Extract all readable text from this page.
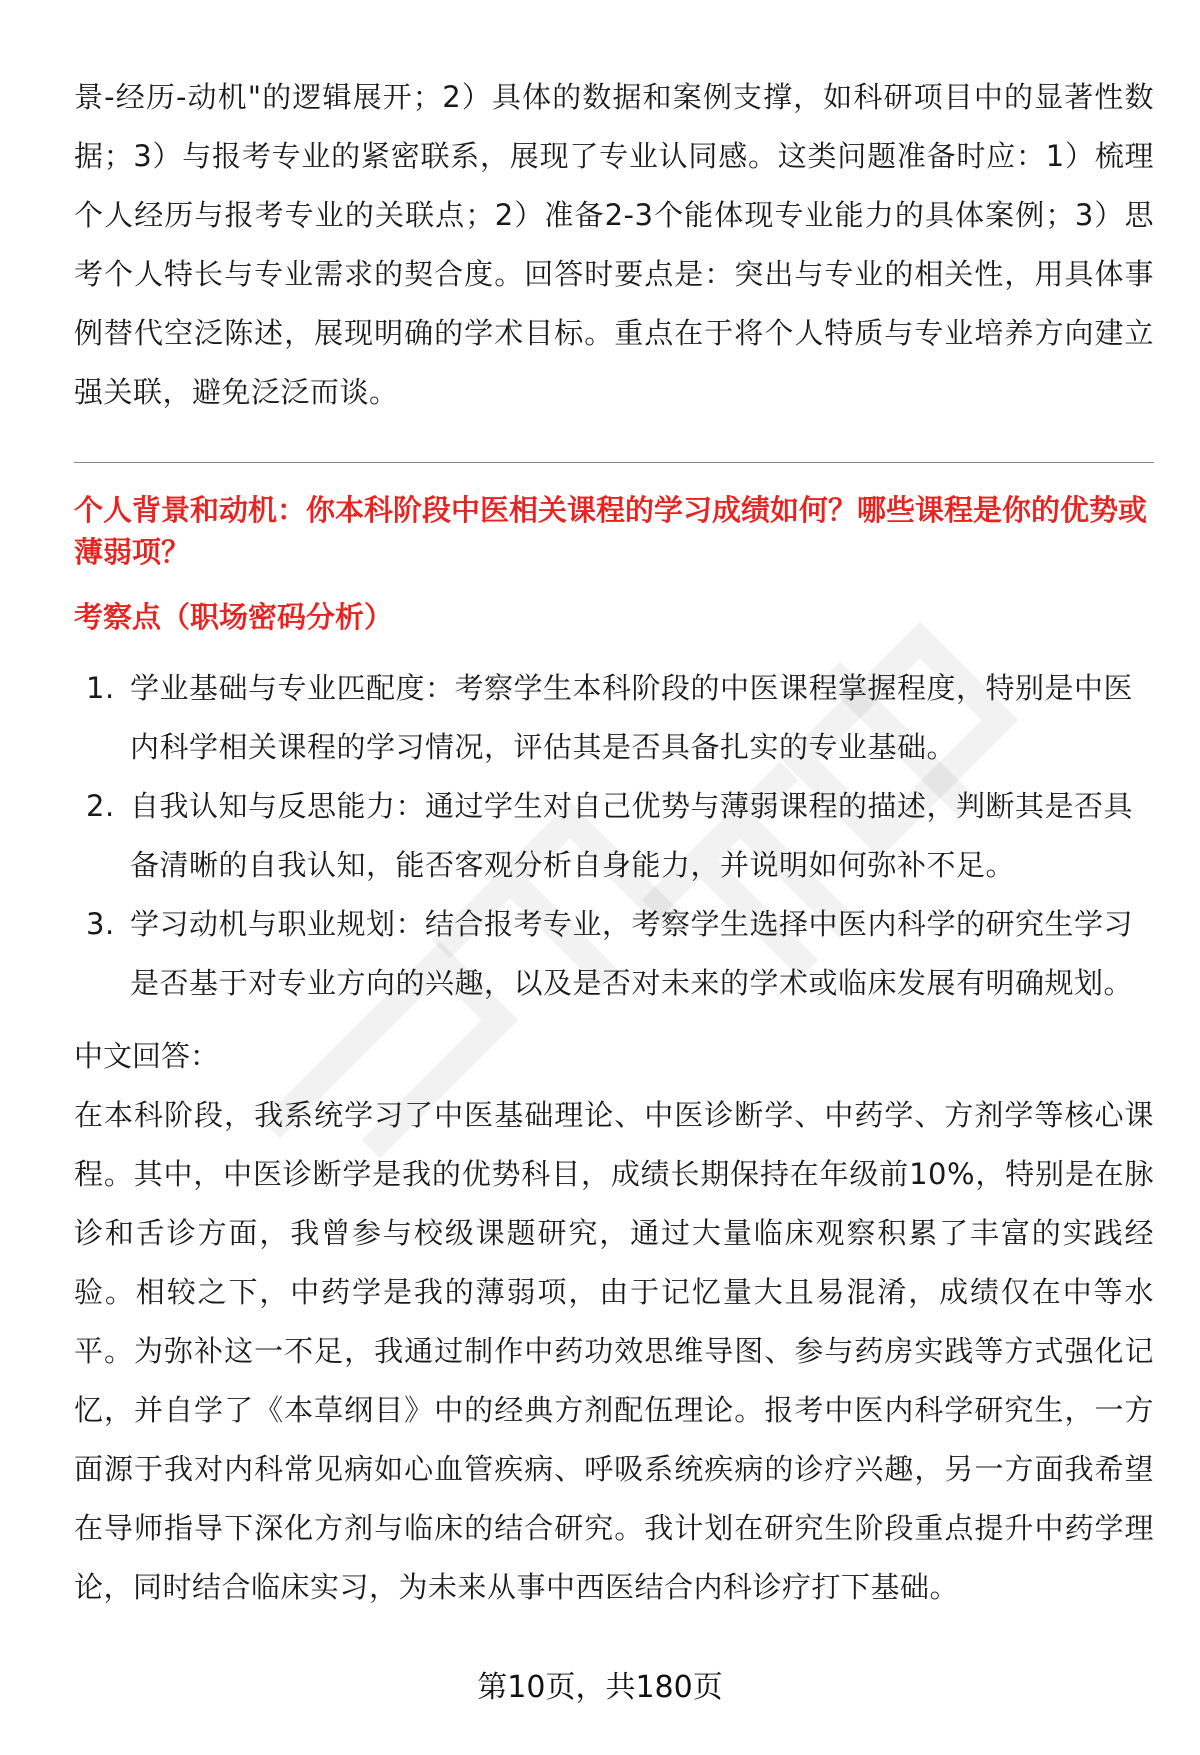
景-经历-动机"的逻辑展开；2）具体的数据和案例支撑，如科研项目中的显著性数据；3）与报考专业的紧密联系，展现了专业认同感。这类问题准备时应：1）梳理个人经历与报考专业的关联点；2）准备2-3个能体现专业能力的具体案例；3）思考个人特长与专业需求的契合度。回答时要点是：突出与专业的相关性，用具体事例替代空泛陈述，展现明确的学术目标。重点在于将个人特质与专业培养方向建立强关联，避免泛泛而谈。

个人背景和动机：你本科阶段中医相关课程的学习成绩如何？哪些课程是你的优势或薄弱项？

考察点（职场密码分析）

1. 学业基础与专业匹配度：考察学生本科阶段的中医课程掌握程度，特别是中医内科学相关课程的学习情况，评估其是否具备扎实的专业基础。
2. 自我认知与反思能力：通过学生对自己优势与薄弱课程的描述，判断其是否具备清晰的自我认知，能否客观分析自身能力，并说明如何弥补不足。
3. 学习动机与职业规划：结合报考专业，考察学生选择中医内科学的研究生学习是否基于对专业方向的兴趣，以及是否对未来的学术或临床发展有明确规划。

中文回答：

在本科阶段，我系统学习了中医基础理论、中医诊断学、中药学、方剂学等核心课程。其中，中医诊断学是我的优势科目，成绩长期保持在年级前10%，特别是在脉诊和舌诊方面，我曾参与校级课题研究，通过大量临床观察积累了丰富的实践经验。相较之下，中药学是我的薄弱项，由于记忆量大且易混淆，成绩仅在中等水平。为弥补这一不足，我通过制作中药功效思维导图、参与药房实践等方式强化记忆，并自学了《本草纲目》中的经典方剂配伍理论。报考中医内科学研究生，一方面源于我对内科常见病如心血管疾病、呼吸系统疾病的诊疗兴趣，另一方面我希望在导师指导下深化方剂与临床的结合研究。我计划在研究生阶段重点提升中药学理论，同时结合临床实习，为未来从事中西医结合内科诊疗打下基础。

第10页，共180页
